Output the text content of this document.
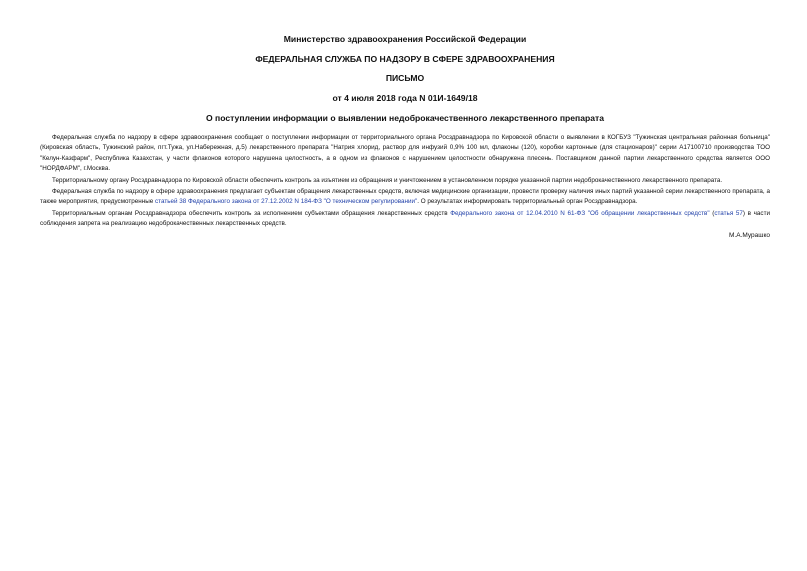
Министерство здравоохранения Российской Федерации

ФЕДЕРАЛЬНАЯ СЛУЖБА ПО НАДЗОРУ В СФЕРЕ ЗДРАВООХРАНЕНИЯ

ПИСЬМО

от 4 июля 2018 года N 01И-1649/18

О поступлении информации о выявлении недоброкачественного лекарственного препарата

Федеральная служба по надзору в сфере здравоохранения сообщает о поступлении информации от территориального органа Росздравнадзора по Кировской области о выявлении в КОГБУЗ "Тужинская центральная районная больница" (Кировская область, Тужинский район, пгт.Тужа, ул.Набережная, д.5) лекарственного препарата "Натрия хлорид, раствор для инфузий 0,9% 100 мл, флаконы (120), коробки картонные (для стационаров)" серии А17100710 производства ТОО "Келун-Казфарм", Республика Казахстан, у части флаконов которого нарушена целостность, а в одном из флаконов с нарушением целостности обнаружена плесень. Поставщиком данной партии лекарственного средства является ООО "НОРДФАРМ", г.Москва.

Территориальному органу Росздравнадзора по Кировской области обеспечить контроль за изъятием из обращения и уничтожением в установленном порядке указанной партии недоброкачественного лекарственного препарата.

Федеральная служба по надзору в сфере здравоохранения предлагает субъектам обращения лекарственных средств, включая медицинские организации, провести проверку наличия иных партий указанной серии лекарственного препарата, а также мероприятия, предусмотренные статьей 38 Федерального закона от 27.12.2002 N 184-ФЗ "О техническом регулировании". О результатах информировать территориальный орган Росздравнадзора.

Территориальным органам Росздравнадзора обеспечить контроль за исполнением субъектами обращения лекарственных средств Федерального закона от 12.04.2010 N 61-ФЗ "Об обращении лекарственных средств" (статья 57) в части соблюдения запрета на реализацию недоброкачественных лекарственных средств.

М.А.Мурашко
